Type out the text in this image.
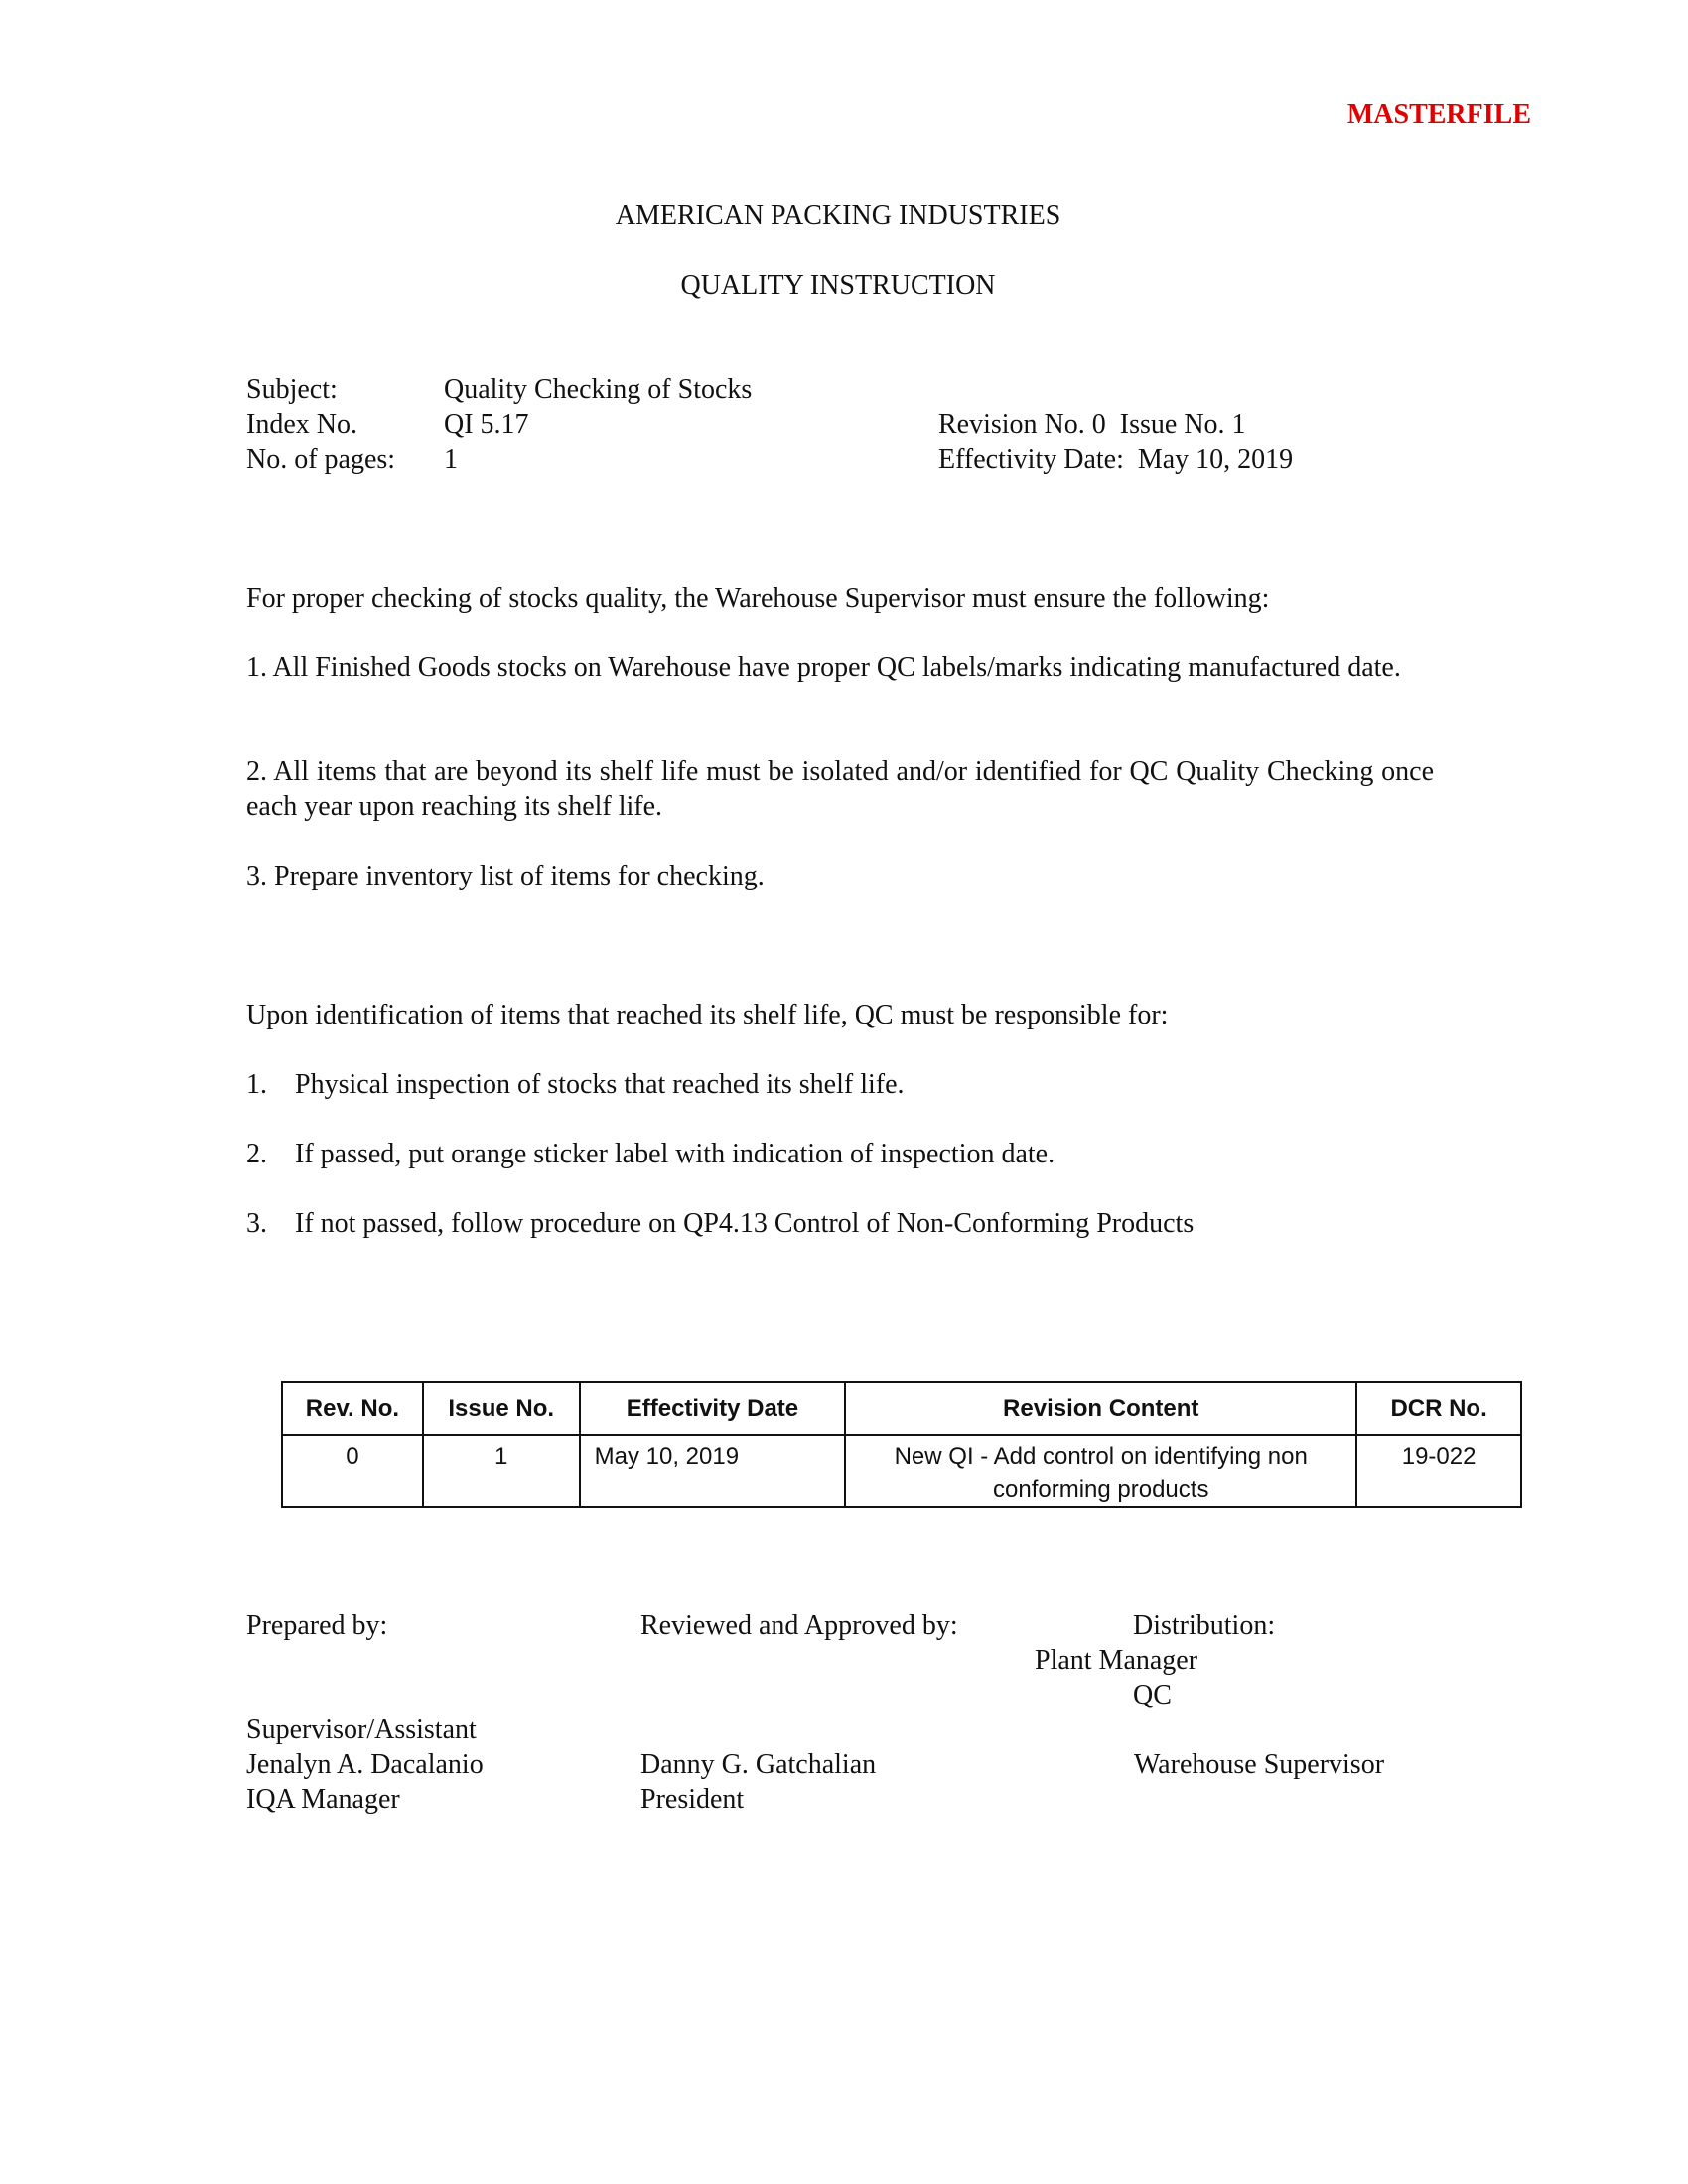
MASTERFILE
AMERICAN PACKING INDUSTRIES
QUALITY INSTRUCTION
Subject:	Quality Checking of Stocks
Index No.	QI 5.17	Revision No. 0  Issue No. 1
No. of pages: 1	Effectivity Date:  May 10, 2019
For proper checking of stocks quality, the Warehouse Supervisor must ensure the following:
1. All Finished Goods stocks on Warehouse have proper QC labels/marks indicating manufactured date.
2. All items that are beyond its shelf life must be isolated and/or identified for QC Quality Checking once each year upon reaching its shelf life.
3. Prepare inventory list of items for checking.
Upon identification of items that reached its shelf life, QC must be responsible for:
1. Physical inspection of stocks that reached its shelf life.
2. If passed, put orange sticker label with indication of inspection date.
3. If not passed, follow procedure on QP4.13 Control of Non-Conforming Products
Rev. No.	Issue No.	Effectivity Date	Revision Content	DCR No.
0	1	May 10, 2019	New QI - Add control on identifying non conforming products	19-022
Prepared by:	Reviewed and Approved by:	Distribution:
Plant Manager
QC
Supervisor/Assistant
Jenalyn A. Dacalanio	Danny G. Gatchalian	Warehouse Supervisor
IQA Manager	President
